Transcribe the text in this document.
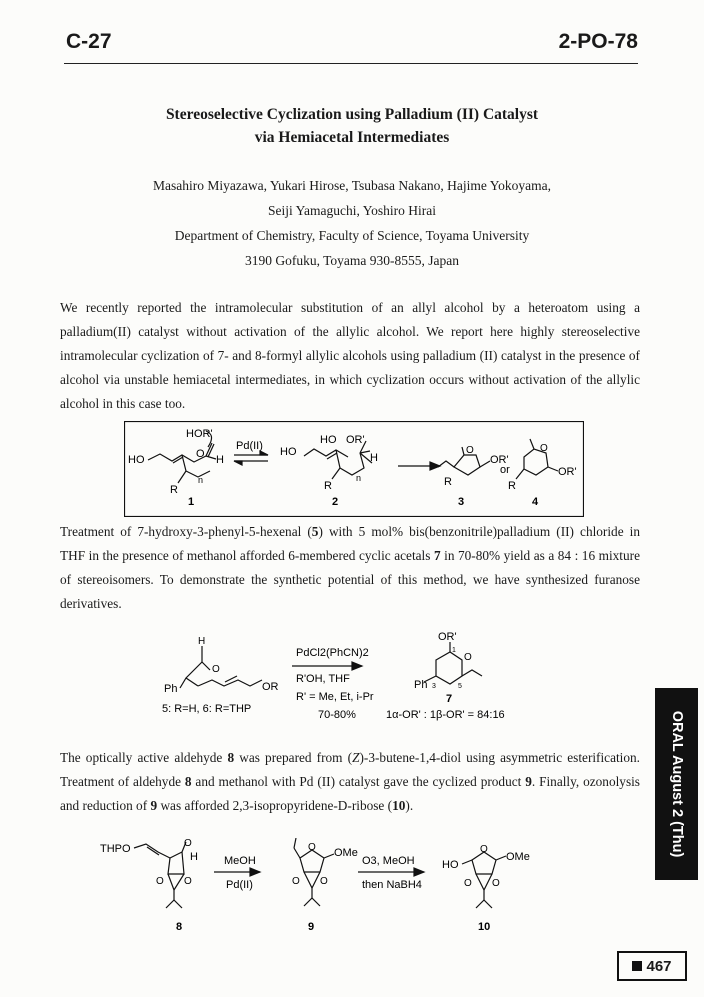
C-27	2-PO-78
Stereoselective Cyclization using Palladium (II) Catalyst
via Hemiacetal Intermediates
Masahiro Miyazawa, Yukari Hirose, Tsubasa Nakano, Hajime Yokoyama,
Seiji Yamaguchi, Yoshiro Hirai
Department of Chemistry, Faculty of Science, Toyama University
3190 Gofuku, Toyama 930-8555, Japan

We recently reported the intramolecular substitution of an allyl alcohol by a heteroatom using a palladium(II) catalyst without activation of the allylic alcohol. We report here highly stereoselective intramolecular cyclization of 7- and 8-formyl allylic alcohols using palladium (II) catalyst in the presence of alcohol via unstable hemiacetal intermediates, in which cyclization occurs without activation of the allylic alcohol in this case too.

HOR'
Pd(II)
HO	O H
n
R
HO
HO OR'
H
n
R
O
OR'
R
or
O
OR'
R
1	2	3	4

Treatment of 7-hydroxy-3-phenyl-5-hexenal (5) with 5 mol% bis(benzonitrile)palladium (II) chloride in THF in the presence of methanol afforded 6-membered cyclic acetals 7 in 70-80% yield as a 84 : 16 mixture of stereoisomers. To demonstrate the synthetic potential of this method, we have synthesized furanose derivatives.

H
O
Ph	OR
5: R=H, 6: R=THP
PdCl2(PhCN)2
R'OH, THF
R' = Me, Et, i-Pr
70-80%
OR'
1
O
Ph 3	5
7
1α-OR' : 1β-OR' = 84:16

The optically active aldehyde 8 was prepared from (Z)-3-butene-1,4-diol using asymmetric esterification. Treatment of aldehyde 8 and methanol with Pd (II) catalyst gave the cyclized product 9. Finally, ozonolysis and reduction of 9 was afforded 2,3-isopropyridene-D-ribose (10).

THPO
H
O
O O
MeOH
Pd(II)
O OMe
O O
O3, MeOH
then NaBH4
HO
O
OMe
O O
8	9	10
ORAL August 2 (Thu)
467
